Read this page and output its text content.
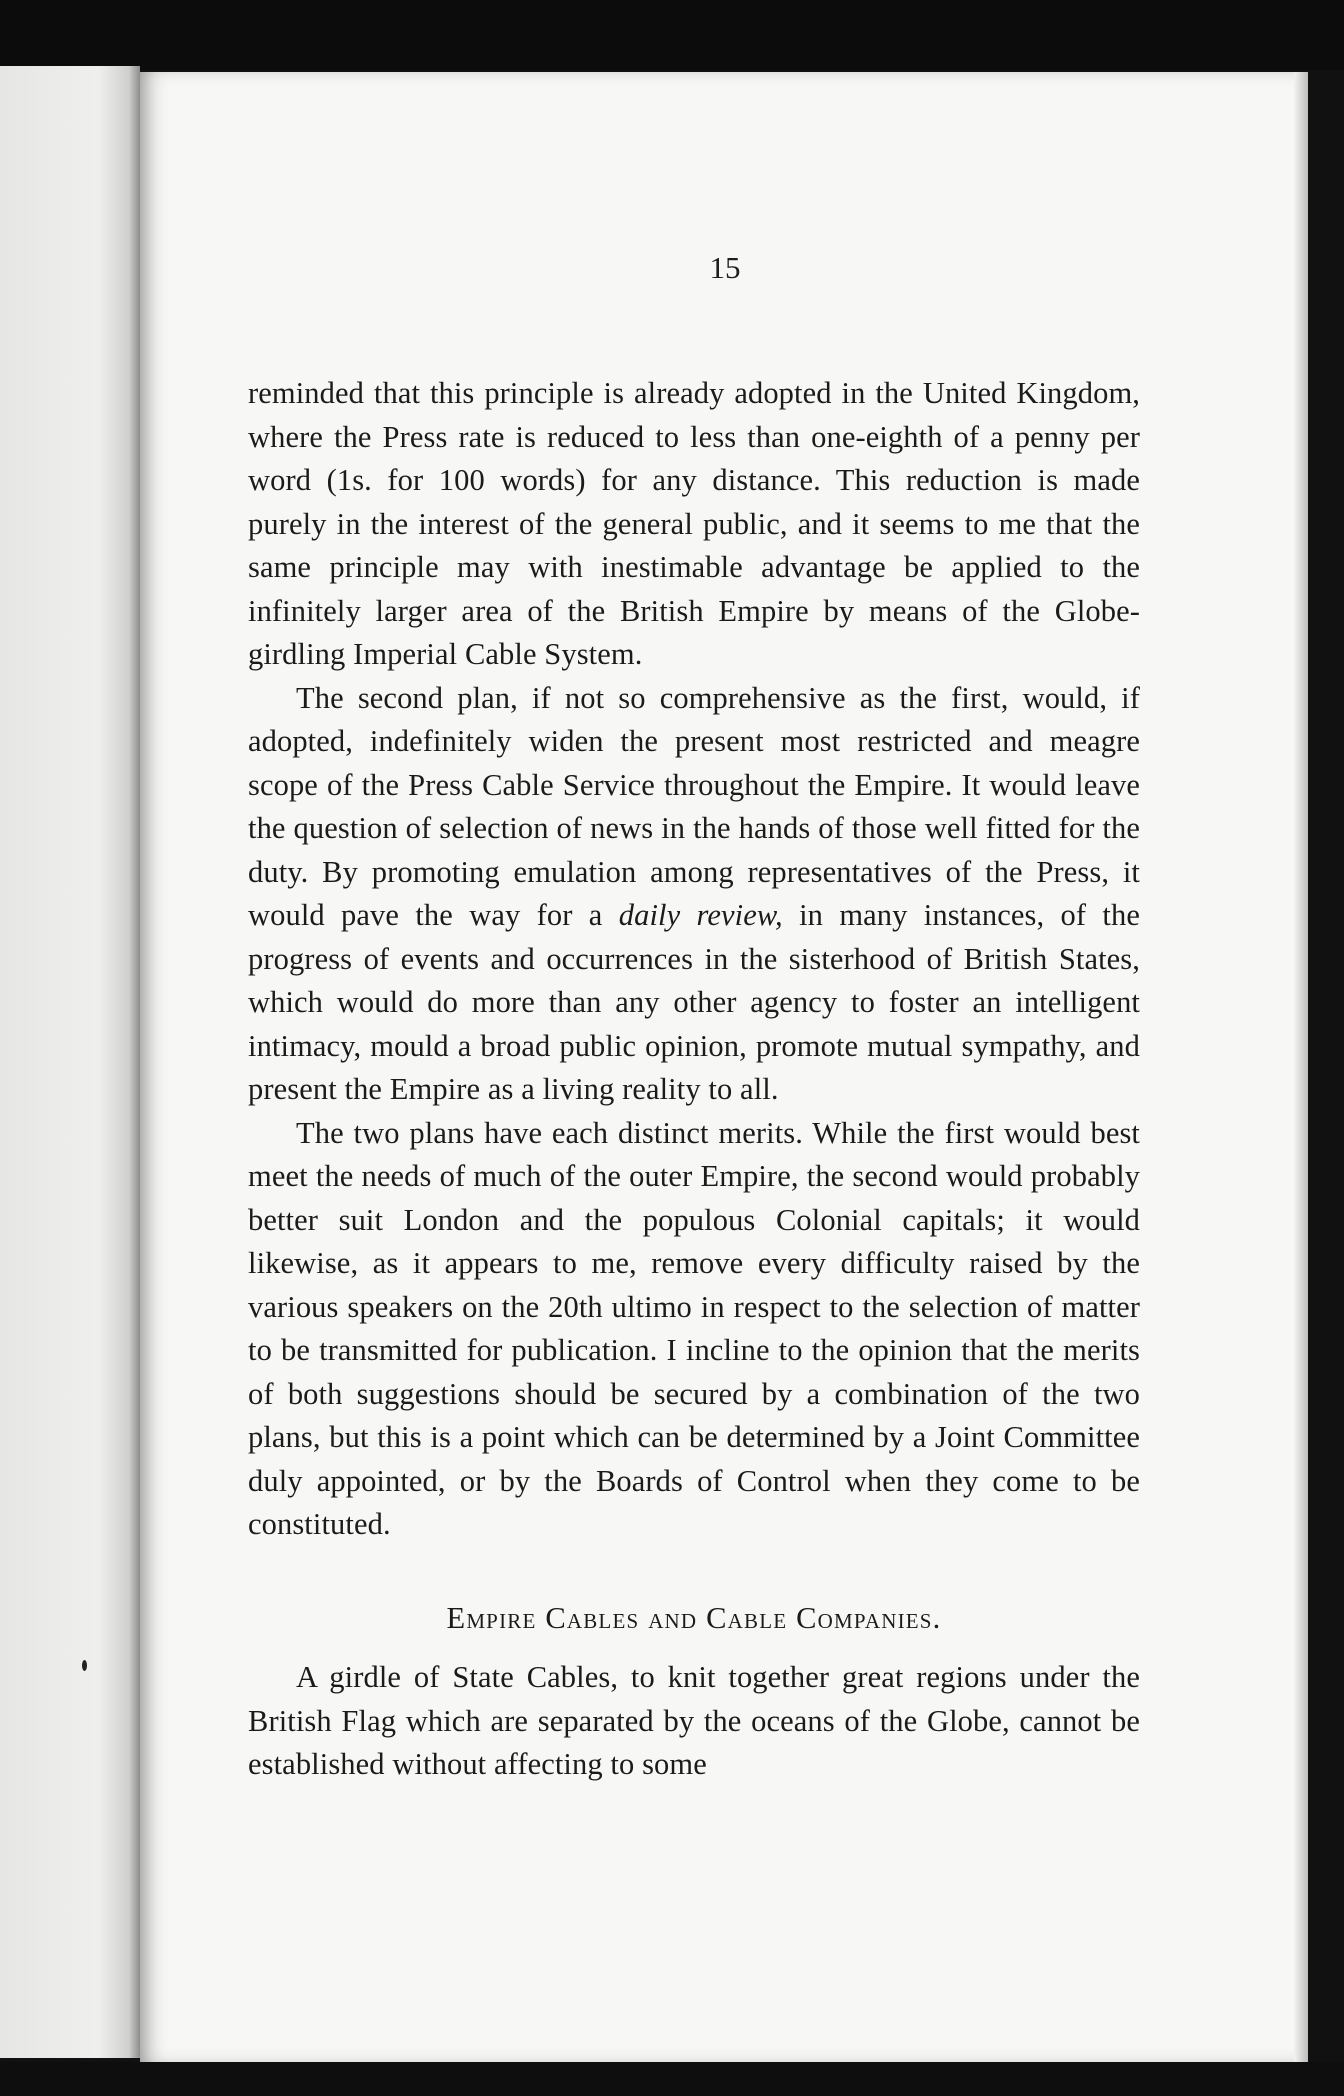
15

reminded that this principle is already adopted in the United Kingdom, where the Press rate is reduced to less than one-eighth of a penny per word (1s. for 100 words) for any distance. This reduction is made purely in the interest of the general public, and it seems to me that the same principle may with inestimable advantage be applied to the infinitely larger area of the British Empire by means of the Globe-girdling Imperial Cable System.

The second plan, if not so comprehensive as the first, would, if adopted, indefinitely widen the present most restricted and meagre scope of the Press Cable Service throughout the Empire. It would leave the question of selection of news in the hands of those well fitted for the duty. By promoting emulation among representatives of the Press, it would pave the way for a daily review, in many instances, of the progress of events and occurrences in the sisterhood of British States, which would do more than any other agency to foster an intelligent intimacy, mould a broad public opinion, promote mutual sympathy, and present the Empire as a living reality to all.

The two plans have each distinct merits. While the first would best meet the needs of much of the outer Empire, the second would probably better suit London and the populous Colonial capitals; it would likewise, as it appears to me, remove every difficulty raised by the various speakers on the 20th ultimo in respect to the selection of matter to be transmitted for publication. I incline to the opinion that the merits of both suggestions should be secured by a combination of the two plans, but this is a point which can be determined by a Joint Committee duly appointed, or by the Boards of Control when they come to be constituted.

Empire Cables and Cable Companies.

A girdle of State Cables, to knit together great regions under the British Flag which are separated by the oceans of the Globe, cannot be established without affecting to some
